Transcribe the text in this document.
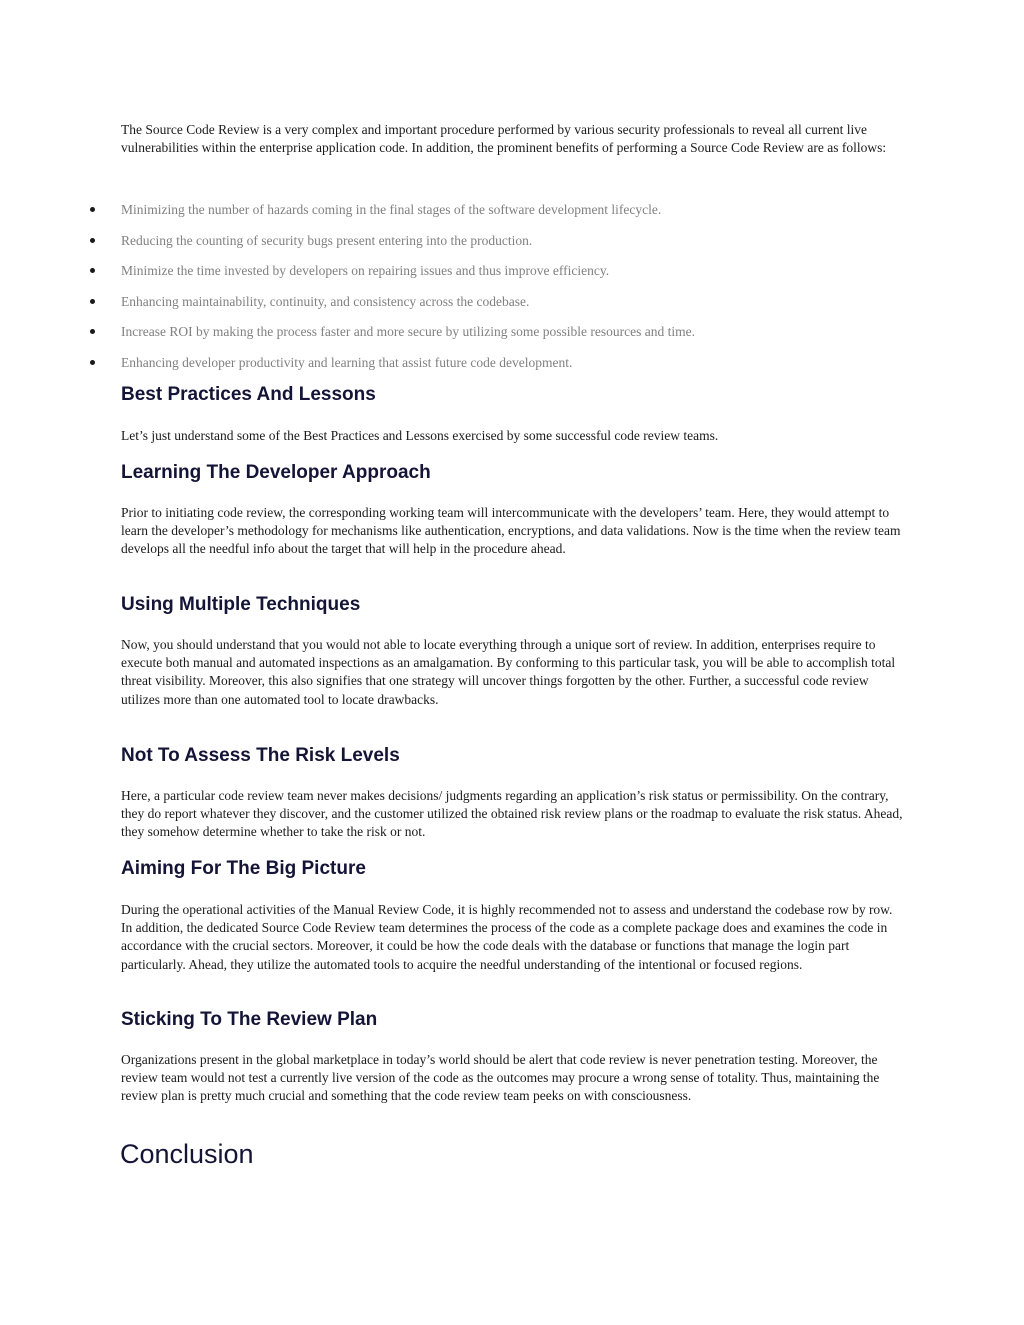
The Source Code Review is a very complex and important procedure performed by various security professionals to reveal all current live vulnerabilities within the enterprise application code. In addition, the prominent benefits of performing a Source Code Review are as follows:

Minimizing the number of hazards coming in the final stages of the software development lifecycle.
Reducing the counting of security bugs present entering into the production.
Minimize the time invested by developers on repairing issues and thus improve efficiency.
Enhancing maintainability, continuity, and consistency across the codebase.
Increase ROI by making the process faster and more secure by utilizing some possible resources and time.
Enhancing developer productivity and learning that assist future code development.
Best Practices And Lessons

Let’s just understand some of the Best Practices and Lessons exercised by some successful code review teams.

Learning The Developer Approach

Prior to initiating code review, the corresponding working team will intercommunicate with the developers’ team. Here, they would attempt to learn the developer’s methodology for mechanisms like authentication, encryptions, and data validations. Now is the time when the review team develops all the needful info about the target that will help in the procedure ahead.

Using Multiple Techniques

Now, you should understand that you would not able to locate everything through a unique sort of review. In addition, enterprises require to execute both manual and automated inspections as an amalgamation. By conforming to this particular task, you will be able to accomplish total threat visibility. Moreover, this also signifies that one strategy will uncover things forgotten by the other. Further, a successful code review utilizes more than one automated tool to locate drawbacks.

Not To Assess The Risk Levels

Here, a particular code review team never makes decisions/ judgments regarding an application’s risk status or permissibility. On the contrary, they do report whatever they discover, and the customer utilized the obtained risk review plans or the roadmap to evaluate the risk status. Ahead, they somehow determine whether to take the risk or not.

Aiming For The Big Picture

During the operational activities of the Manual Review Code, it is highly recommended not to assess and understand the codebase row by row. In addition, the dedicated Source Code Review team determines the process of the code as a complete package does and examines the code in accordance with the crucial sectors. Moreover, it could be how the code deals with the database or functions that manage the login part particularly. Ahead, they utilize the automated tools to acquire the needful understanding of the intentional or focused regions.

Sticking To The Review Plan

Organizations present in the global marketplace in today’s world should be alert that code review is never penetration testing. Moreover, the review team would not test a currently live version of the code as the outcomes may procure a wrong sense of totality. Thus, maintaining the review plan is pretty much crucial and something that the code review team peeks on with consciousness.

Conclusion
